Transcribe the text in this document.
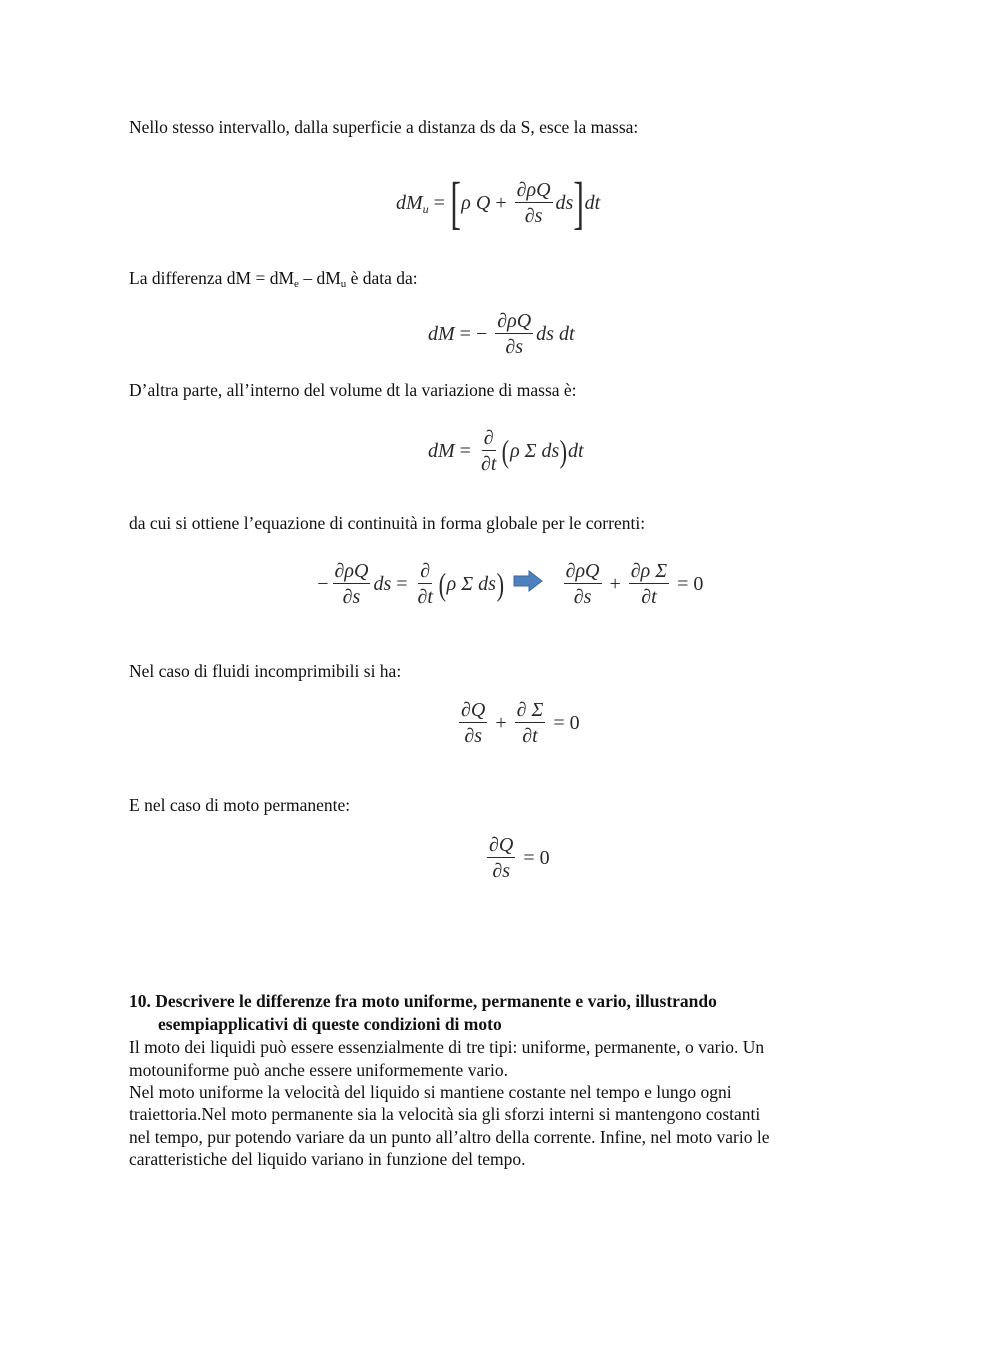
Nello stesso intervallo, dalla superficie a distanza ds da S, esce la massa:
dM u = [ ρ $Q + \frac{\partial\rho Q}{\partial s}$ ds ] dt
La differenza dM = $dM_e - dM_u$ è data da:
dM = − $\frac{\partial\rho Q}{\partial s}$ ds dt
D’altra parte, all’interno del volume dt la variazione di massa è:
dM = $\frac{\partial}{\partial t}$ ( ρ Σ ds ) dt
da cui si ottiene l’equazione di continuità in forma globale per le correnti:
− $\frac{\partial\rho Q}{\partial s}$ ds = $\frac{\partial}{\partial t}$ ( ρ Σ ds )	$\frac{\partial\rho Q}{\partial s} + \frac{\text{∂ρ Σ}}{\partial t} = 0$
Nel caso di fluidi incomprimibili si ha:
$\frac{\partial Q}{\partial s} + \frac{\partial \Sigma}{\partial t} = 0$
E nel caso di moto permanente:
$\frac{\partial Q}{\partial s} = 0$
10. Descrivere le differenze fra moto uniforme, permanente e vario, illustrando
esempiapplicativi di queste condizioni di moto
Il moto dei liquidi può essere essenzialmente di tre tipi: uniforme, permanente, o vario. Un
motouniforme può anche essere uniformemente vario.
Nel moto uniforme la velocità del liquido si mantiene costante nel tempo e lungo ogni
traiettoria.Nel moto permanente sia la velocità sia gli sforzi interni si mantengono costanti
nel tempo, pur potendo variare da un punto all’altro della corrente. Infine, nel moto vario le
caratteristiche del liquido variano in funzione del tempo.
